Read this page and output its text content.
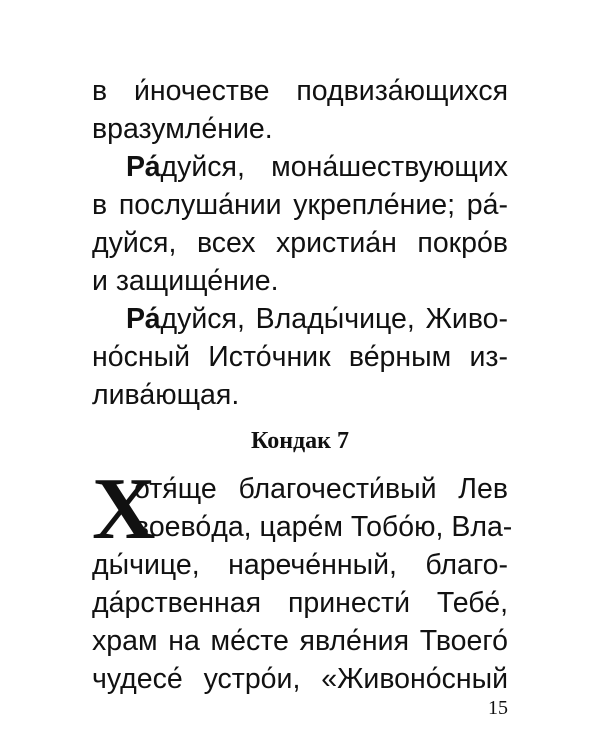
в и́ночестве подвиза́ющихся
вразумле́ние.
Ра́дуйся, мона́шествующих
в послуша́нии укрепле́ние; ра́-
дуйся, всех христиа́н покро́в
и защище́ние.
Ра́дуйся, Влады́чице, Живо-
но́сный Исто́чник ве́рным из-
лива́ющая.
Кондак 7
Х
отя́ще благочести́вый Лев
воево́да, царе́м Тобо́ю, Вла-
ды́чице, нарече́нный, благо-
да́рственная принести́ Тебе́,
храм на ме́сте явле́ния Твоего́
чудесе́ устро́и, «Живоно́сный
15
